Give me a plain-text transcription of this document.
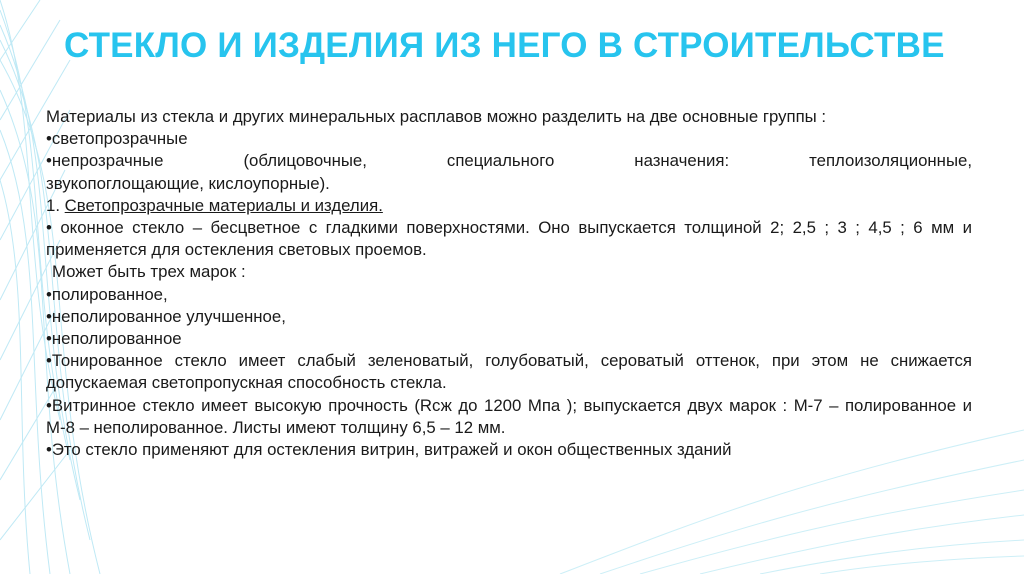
СТЕКЛО И ИЗДЕЛИЯ ИЗ НЕГО В СТРОИТЕЛЬСТВЕ
Материалы из стекла и других минеральных расплавов можно разделить на две основные группы :
•светопрозрачные
•непрозрачные (облицовочные, специального назначения: теплоизоляционные,
звукопоглощающие, кислоупорные).
1. Светопрозрачные материалы и изделия.
• оконное стекло – бесцветное с гладкими поверхностями. Оно выпускается толщиной 2; 2,5 ; 3 ; 4,5 ; 6 мм и применяется для остекления световых проемов.
Может быть трех марок :
•полированное,
•неполированное улучшенное,
•неполированное
•Тонированное стекло имеет слабый зеленоватый, голубоватый, сероватый оттенок, при этом не снижается допускаемая светопропускная способность стекла.
•Витринное стекло имеет высокую прочность (Rсж до 1200 Мпа ); выпускается двух марок : М-7 – полированное и М-8 – неполированное. Листы имеют толщину 6,5 – 12 мм.
•Это стекло применяют для остекления витрин, витражей и окон общественных зданий
